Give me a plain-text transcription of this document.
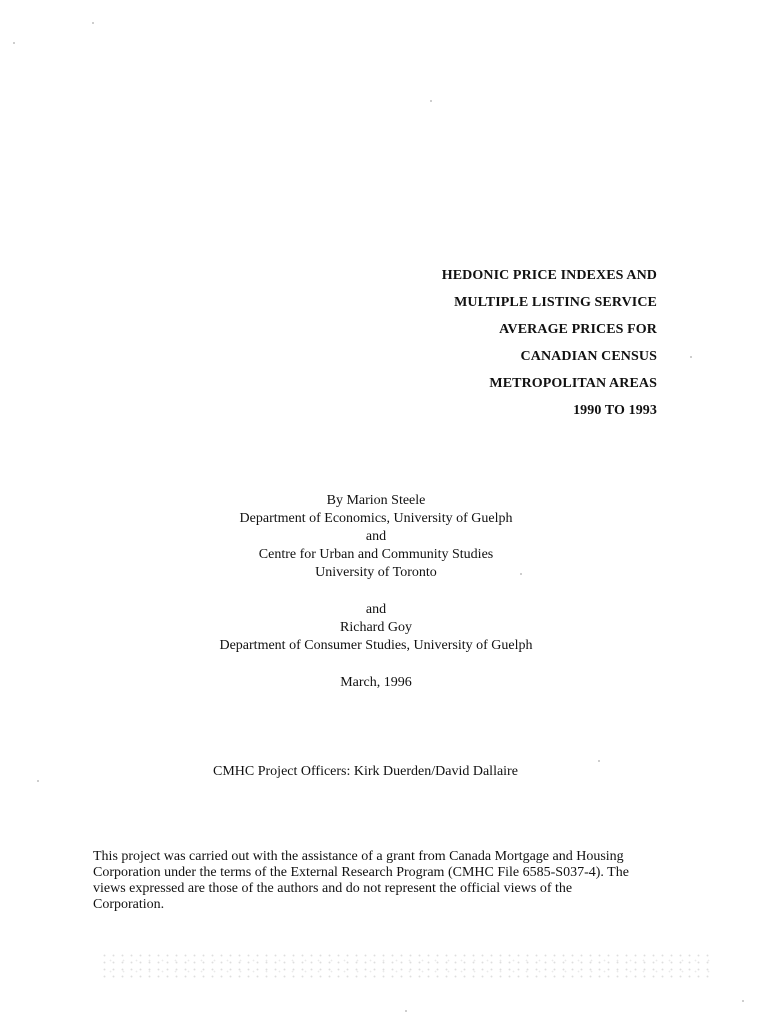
HEDONIC PRICE INDEXES AND
MULTIPLE LISTING SERVICE
AVERAGE PRICES FOR
CANADIAN CENSUS
METROPOLITAN AREAS
1990 TO 1993
By Marion Steele
Department of Economics, University of Guelph
and
Centre for Urban and Community Studies
University of Toronto
and
Richard Goy
Department of Consumer Studies, University of Guelph
March, 1996
CMHC Project Officers: Kirk Duerden/David Dallaire
This project was carried out with the assistance of a grant from Canada Mortgage and Housing Corporation under the terms of the External Research Program (CMHC File 6585-S037-4). The views expressed are those of the authors and do not represent the official views of the Corporation.
